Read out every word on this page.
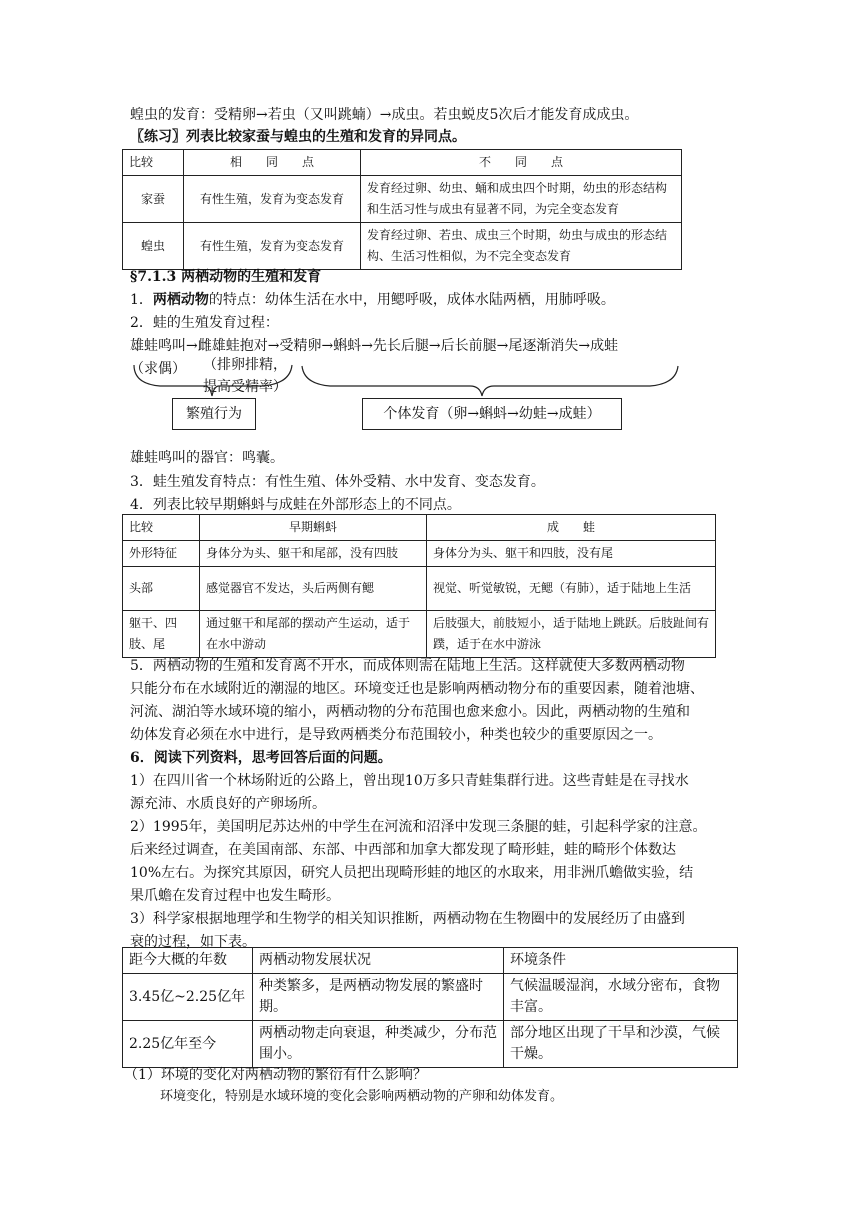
蝗虫的发育：受精卵→若虫（又叫跳蝻）→成虫。若虫蜕皮5次后才能发育成成虫。
〖练习〗列表比较家蚕与蝗虫的生殖和发育的异同点。
比较	相　　同　　点	不　　同　　点
家蚕	有性生殖，发育为变态发育	发育经过卵、幼虫、蛹和成虫四个时期，幼虫的形态结构和生活习性与成虫有显著不同，为完全变态发育
蝗虫	有性生殖，发育为变态发育	发育经过卵、若虫、成虫三个时期，幼虫与成虫的形态结构、生活习性相似，为不完全变态发育
§7.1.3 两栖动物的生殖和发育
1．两栖动物的特点：幼体生活在水中，用鳃呼吸，成体水陆两栖，用肺呼吸。
2．蛙的生殖发育过程：
雄蛙鸣叫→雌雄蛙抱对→受精卵→蝌蚪→先长后腿→后长前腿→尾逐渐消失→成蛙
（求偶） （排卵排精，
提高受精率）
繁殖行为	个体发育（卵→蝌蚪→幼蛙→成蛙）
雄蛙鸣叫的器官：鸣囊。
3．蛙生殖发育特点：有性生殖、体外受精、水中发育、变态发育。
4．列表比较早期蝌蚪与成蛙在外部形态上的不同点。
比较	早期蝌蚪	成　　蛙
外形特征	身体分为头、躯干和尾部，没有四肢	身体分为头、躯干和四肢，没有尾
头部	感觉器官不发达，头后两侧有鳃	视觉、听觉敏锐，无鳃（有肺），适于陆地上生活
躯干、四肢、尾	通过躯干和尾部的摆动产生运动，适于在水中游动	后肢强大，前肢短小，适于陆地上跳跃。后肢趾间有蹼，适于在水中游泳
5．两栖动物的生殖和发育离不开水，而成体则需在陆地上生活。这样就使大多数两栖动物
只能分布在水域附近的潮湿的地区。环境变迁也是影响两栖动物分布的重要因素，随着池塘、
河流、湖泊等水域环境的缩小，两栖动物的分布范围也愈来愈小。因此，两栖动物的生殖和
幼体发育必须在水中进行，是导致两栖类分布范围较小，种类也较少的重要原因之一。
6．阅读下列资料，思考回答后面的问题。
1）在四川省一个林场附近的公路上，曾出现10万多只青蛙集群行进。这些青蛙是在寻找水
源充沛、水质良好的产卵场所。
2）1995年，美国明尼苏达州的中学生在河流和沼泽中发现三条腿的蛙，引起科学家的注意。
后来经过调查，在美国南部、东部、中西部和加拿大都发现了畸形蛙，蛙的畸形个体数达
10%左右。为探究其原因，研究人员把出现畸形蛙的地区的水取来，用非洲爪蟾做实验，结
果爪蟾在发育过程中也发生畸形。
3）科学家根据地理学和生物学的相关知识推断，两栖动物在生物圈中的发展经历了由盛到
衰的过程，如下表。
距今大概的年数	两栖动物发展状况	环境条件
3.45亿~2.25亿年	种类繁多，是两栖动物发展的繁盛时期。	气候温暖湿润，水域分密布，食物丰富。
2.25亿年至今	两栖动物走向衰退，种类减少，分布范围小。	部分地区出现了干旱和沙漠，气候干燥。
（1）环境的变化对两栖动物的繁衍有什么影响？
环境变化，特别是水域环境的变化会影响两栖动物的产卵和幼体发育。
